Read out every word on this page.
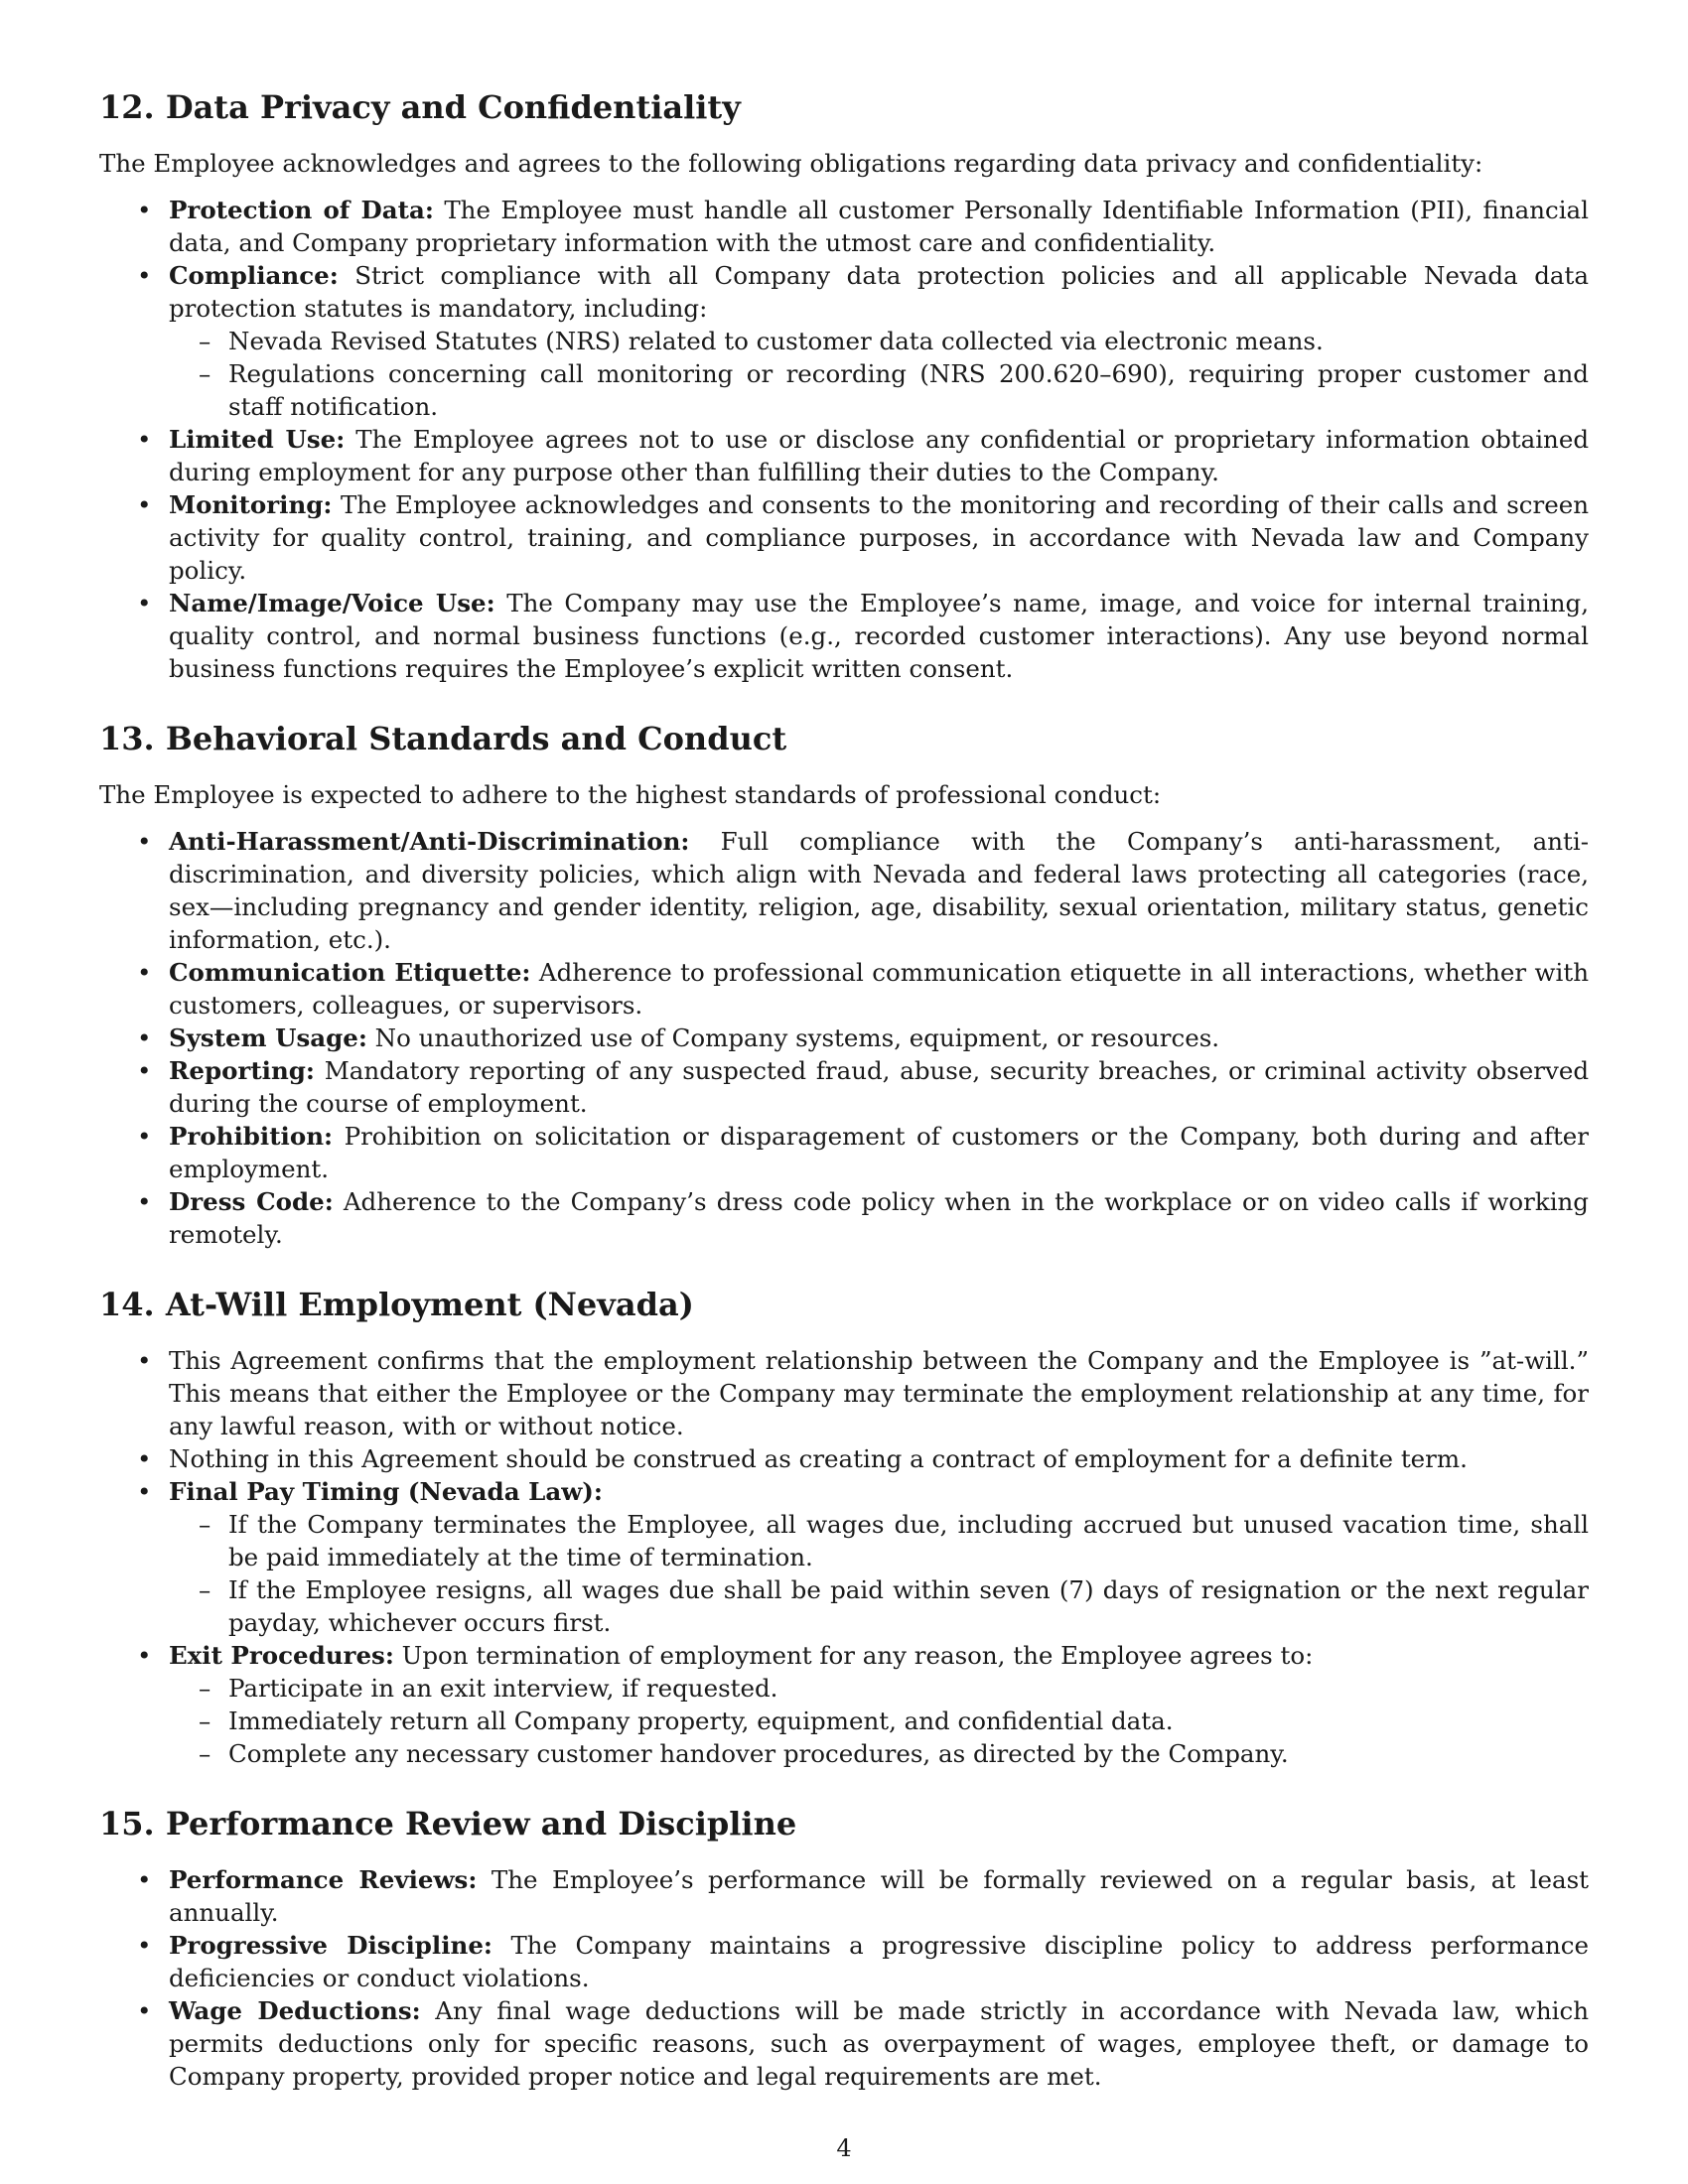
12. Data Privacy and Confidentiality

The Employee acknowledges and agrees to the following obligations regarding data privacy and confidentiality:

• Protection of Data: The Employee must handle all customer Personally Identifiable Information (PII), financial data, and Company proprietary information with the utmost care and confidentiality.
• Compliance: Strict compliance with all Company data protection policies and all applicable Nevada data protection statutes is mandatory, including:
– Nevada Revised Statutes (NRS) related to customer data collected via electronic means.
– Regulations concerning call monitoring or recording (NRS 200.620–690), requiring proper customer and staff notification.
• Limited Use: The Employee agrees not to use or disclose any confidential or proprietary information obtained during employment for any purpose other than fulfilling their duties to the Company.
• Monitoring: The Employee acknowledges and consents to the monitoring and recording of their calls and screen activity for quality control, training, and compliance purposes, in accordance with Nevada law and Company policy.
• Name/Image/Voice Use: The Company may use the Employee’s name, image, and voice for internal training, quality control, and normal business functions (e.g., recorded customer interactions). Any use beyond normal business functions requires the Employee’s explicit written consent.
13. Behavioral Standards and Conduct

The Employee is expected to adhere to the highest standards of professional conduct:

• Anti-Harassment/Anti-Discrimination: Full compliance with the Company’s anti-harassment, anti-discrimination, and diversity policies, which align with Nevada and federal laws protecting all categories (race, sex—including pregnancy and gender identity, religion, age, disability, sexual orientation, military status, genetic information, etc.).
• Communication Etiquette: Adherence to professional communication etiquette in all interactions, whether with customers, colleagues, or supervisors.
• System Usage: No unauthorized use of Company systems, equipment, or resources.
• Reporting: Mandatory reporting of any suspected fraud, abuse, security breaches, or criminal activity observed during the course of employment.
• Prohibition: Prohibition on solicitation or disparagement of customers or the Company, both during and after employment.
• Dress Code: Adherence to the Company’s dress code policy when in the workplace or on video calls if working remotely.
14. At-Will Employment (Nevada)
• This Agreement confirms that the employment relationship between the Company and the Employee is ”at-will.” This means that either the Employee or the Company may terminate the employment relationship at any time, for any lawful reason, with or without notice.
• Nothing in this Agreement should be construed as creating a contract of employment for a definite term.
• Final Pay Timing (Nevada Law):
– If the Company terminates the Employee, all wages due, including accrued but unused vacation time, shall be paid immediately at the time of termination.
– If the Employee resigns, all wages due shall be paid within seven (7) days of resignation or the next regular payday, whichever occurs first.
• Exit Procedures: Upon termination of employment for any reason, the Employee agrees to:
– Participate in an exit interview, if requested.
– Immediately return all Company property, equipment, and confidential data.
– Complete any necessary customer handover procedures, as directed by the Company.
15. Performance Review and Discipline
• Performance Reviews: The Employee’s performance will be formally reviewed on a regular basis, at least annually.
• Progressive Discipline: The Company maintains a progressive discipline policy to address performance deficiencies or conduct violations.
• Wage Deductions: Any final wage deductions will be made strictly in accordance with Nevada law, which permits deductions only for specific reasons, such as overpayment of wages, employee theft, or damage to Company property, provided proper notice and legal requirements are met.
4
